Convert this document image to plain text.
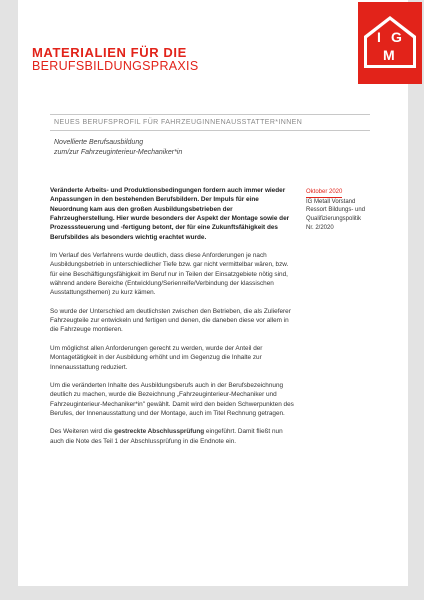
I G
M
MATERIALIEN FÜR DIE
BERUFSBILDUNGSPRAXIS
NEUES BERUFSPROFIL FÜR FAHRZEUGINNENAUSSTATTER*INNEN
Novellierte Berufsausbildung
zum/zur Fahrzeuginterieur-Mechaniker*in
Oktober 2020
IG Metall Vorstand
Ressort Bildungs- und
Qualifizierungspolitik
Nr. 2/2020

Veränderte Arbeits- und Produktionsbedingungen fordern auch immer wieder Anpassungen in den bestehenden Berufsbildern. Der Impuls für eine Neuordnung kam aus den großen Ausbildungsbetrieben der Fahrzeugherstellung. Hier wurde besonders der Aspekt der Montage sowie der Prozesssteuerung und -fertigung betont, der für eine Zukunftsfähigkeit des Berufsbildes als besonders wichtig erachtet wurde.

Im Verlauf des Verfahrens wurde deutlich, dass diese Anforderungen je nach Ausbildungsbetrieb in unterschiedlicher Tiefe bzw. gar nicht vermittelbar wären, bzw. für eine Beschäftigungsfähigkeit im Beruf nur in Teilen der Einsatzgebiete nötig sind, während andere Bereiche (Entwicklung/Serienreife/Verbindung der klassischen Ausstattungsthemen) zu kurz kämen.

So wurde der Unterschied am deutlichsten zwischen den Betrieben, die als Zulieferer Fahrzeugteile zur entwickeln und fertigen und denen, die daneben diese vor allem in die Fahrzeuge montieren.

Um möglichst allen Anforderungen gerecht zu werden, wurde der Anteil der Montagetätigkeit in der Ausbildung erhöht und im Gegenzug die Inhalte zur Innenausstattung reduziert.

Um die veränderten Inhalte des Ausbildungsberufs auch in der Berufsbezeichnung deutlich zu machen, wurde die Bezeichnung „Fahrzeuginterieur-Mechaniker und Fahrzeuginterieur-Mechaniker*in" gewählt. Damit wird den beiden Schwerpunkten des Berufes, der Innenausstattung und der Montage, auch im Titel Rechnung getragen.

Des Weiteren wird die gestreckte Abschlussprüfung eingeführt. Damit fließt nun auch die Note des Teil 1 der Abschlussprüfung in die Endnote ein.
